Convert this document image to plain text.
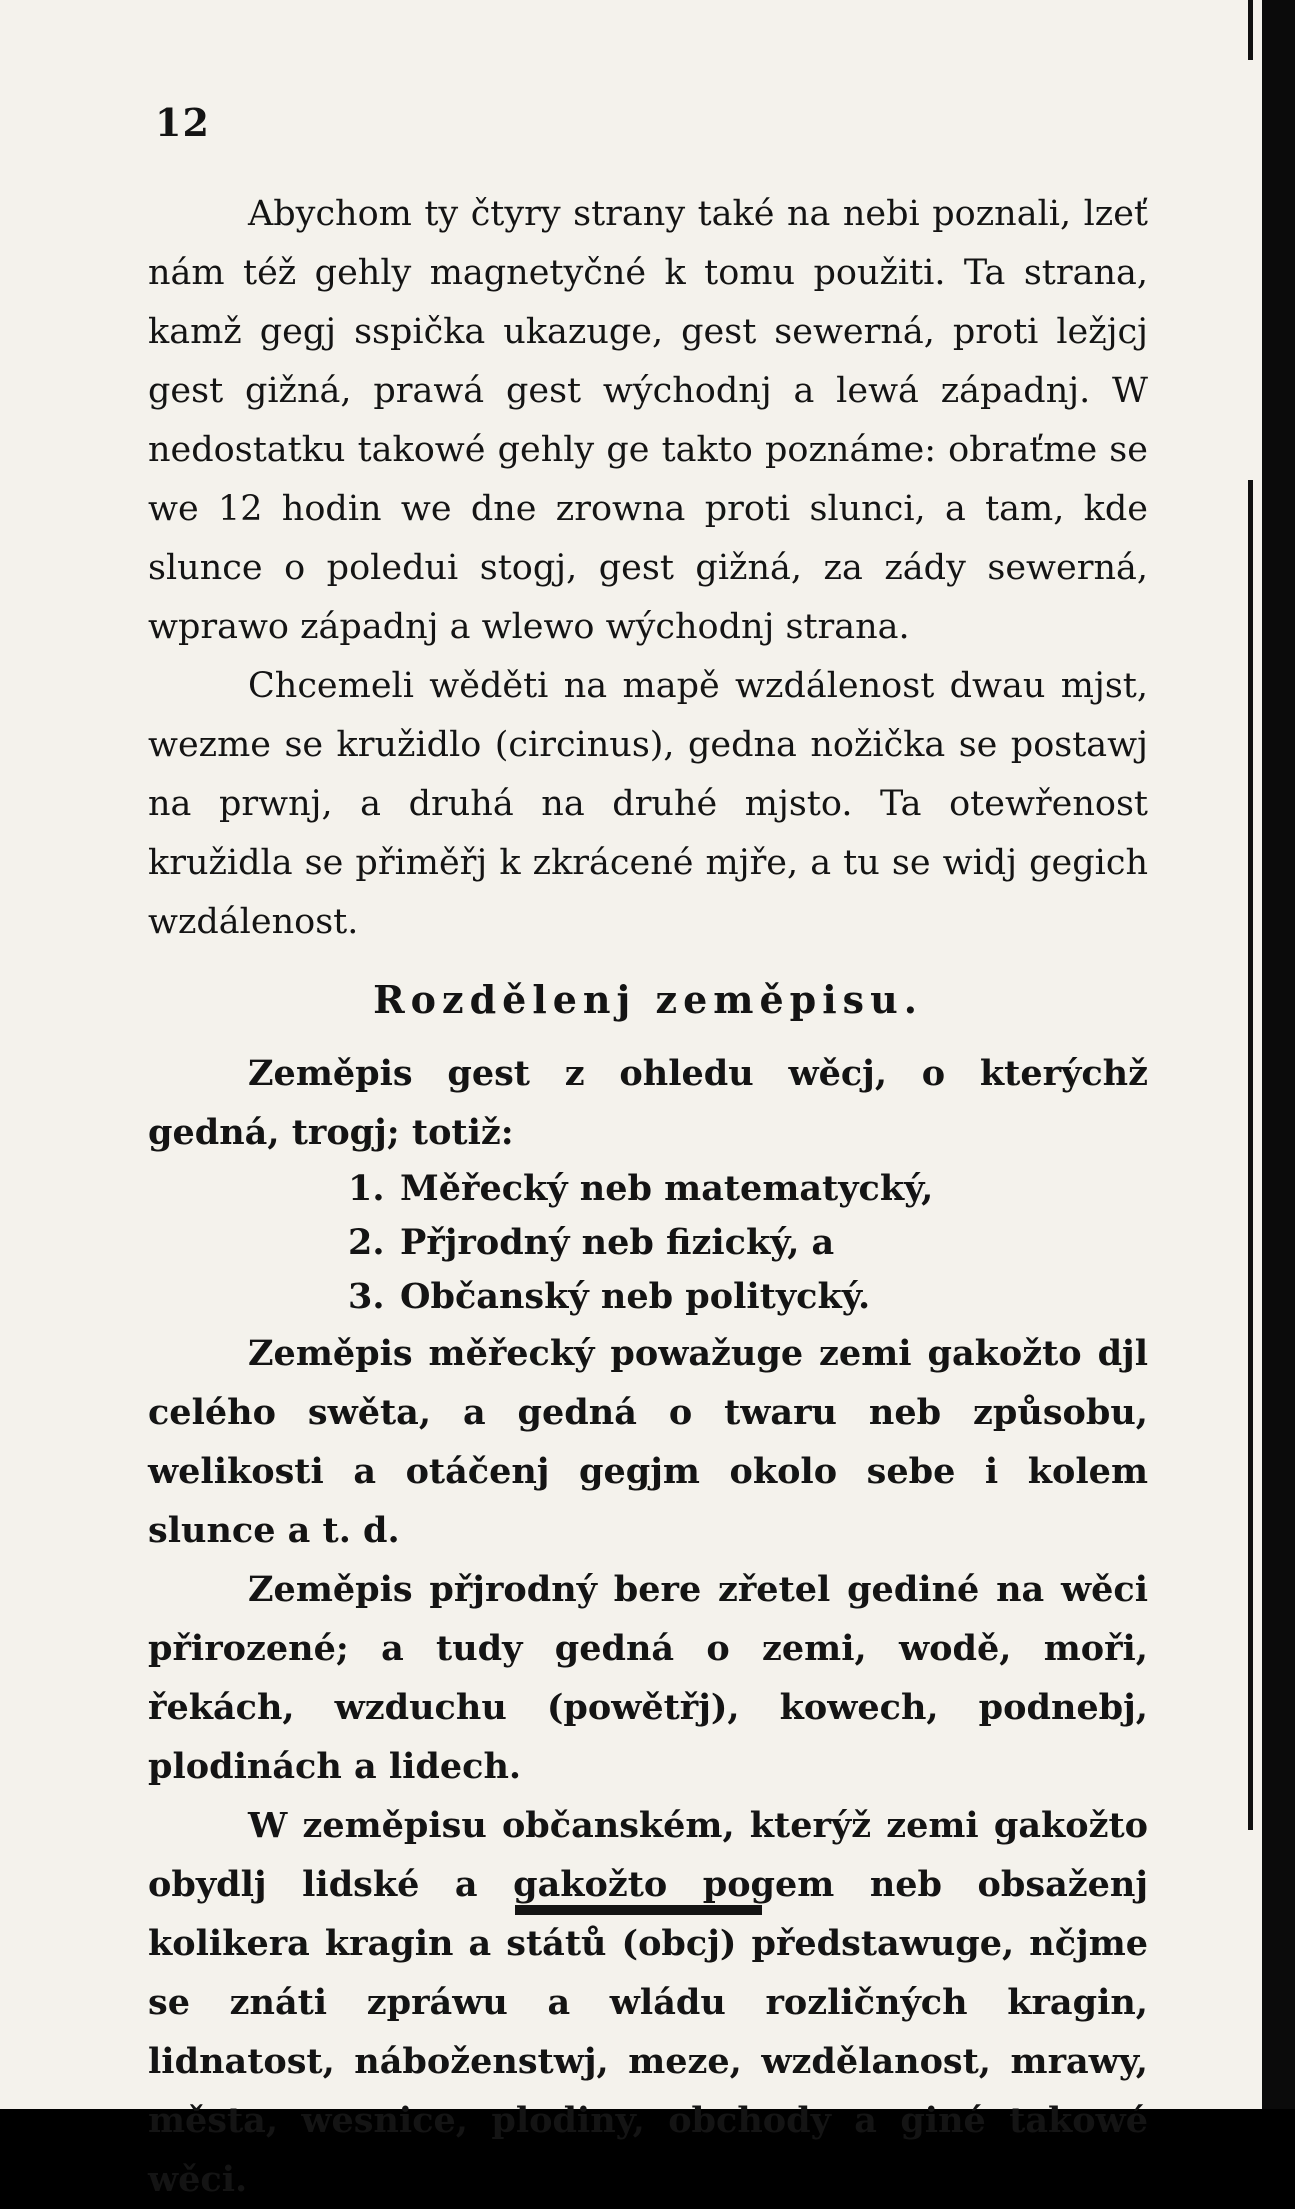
12

Abychom ty čtyry strany také na nebi poznali, lzeť nám též gehly magnetyčné k tomu použiti. Ta strana, kamž gegj sspička ukazuge, gest sewerná, proti ležjcj gest gižná, prawá gest wýchodnj a lewá západnj. W nedostatku takowé gehly ge takto poznáme: obraťme se we 12 hodin we dne zrowna proti slunci, a tam, kde slunce o poledui stogj, gest gižná, za zády sewerná, wprawo západnj a wlewo wýchodnj strana.

Chcemeli wěděti na mapě wzdálenost dwau mjst, wezme se kružidlo (circinus), gedna nožička se postawj na prwnj, a druhá na druhé mjsto. Ta otewřenost kružidla se přiměřj k zkrácené mjře, a tu se widj gegich wzdálenost.

Rozdělenj zeměpisu.

Zeměpis gest z ohledu wěcj, o kterýchž gedná, trogj; totiž:

1. Měřecký neb matematycký,
2. Přjrodný neb fizický, a
3. Občanský neb politycký.

Zeměpis měřecký powažuge zemi gakožto djl celého swěta, a gedná o twaru neb způsobu, welikosti a otáčenj gegjm okolo sebe i kolem slunce a t. d.

Zeměpis přjrodný bere zřetel gediné na wěci přirozené; a tudy gedná o zemi, wodě, moři, řekách, wzduchu (powětřj), kowech, podnebj, plodinách a lidech.

W zeměpisu občanském, kterýž zemi gakožto obydlj lidské a gakožto pogem neb obsaženj kolikera kragin a států (obcj) předstawuge, nčjme se znáti zpráwu a wládu rozličných kragin, lidnatost, náboženstwj, meze, wzdělanost, mrawy, města, wesnice, plodiny, obchody a giné takowé wěci.
